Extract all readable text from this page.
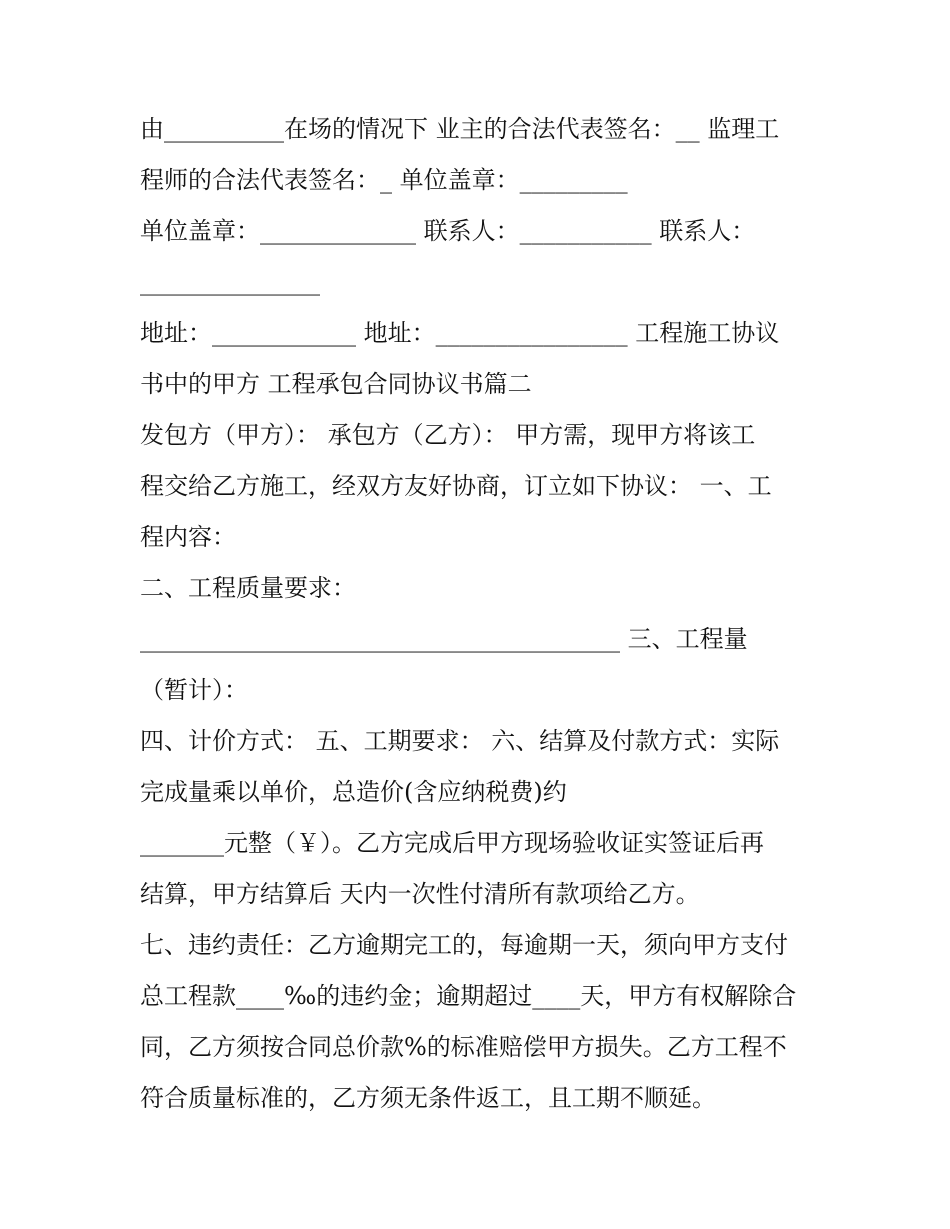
由__________在场的情况下 业主的合法代表签名：__ 监理工
程师的合法代表签名：_ 单位盖章：_________
单位盖章：_____________ 联系人：___________ 联系人：
_______________
地址：____________ 地址：________________ 工程施工协议
书中的甲方 工程承包合同协议书篇二
发包方（甲方）： 承包方（乙方）： 甲方需，现甲方将该工
程交给乙方施工，经双方友好协商，订立如下协议： 一、工
程内容：
二、工程质量要求：
________________________________________ 三、工程量
（暂计）：
四、计价方式： 五、工期要求： 六、结算及付款方式：实际
完成量乘以单价，总造价(含应纳税费)约
_______元整（￥）。乙方完成后甲方现场验收证实签证后再
结算，甲方结算后 天内一次性付清所有款项给乙方。
七、违约责任：乙方逾期完工的，每逾期一天，须向甲方支付
总工程款____‰的违约金；逾期超过____天，甲方有权解除合
同，乙方须按合同总价款%的标准赔偿甲方损失。乙方工程不
符合质量标准的，乙方须无条件返工，且工期不顺延。
